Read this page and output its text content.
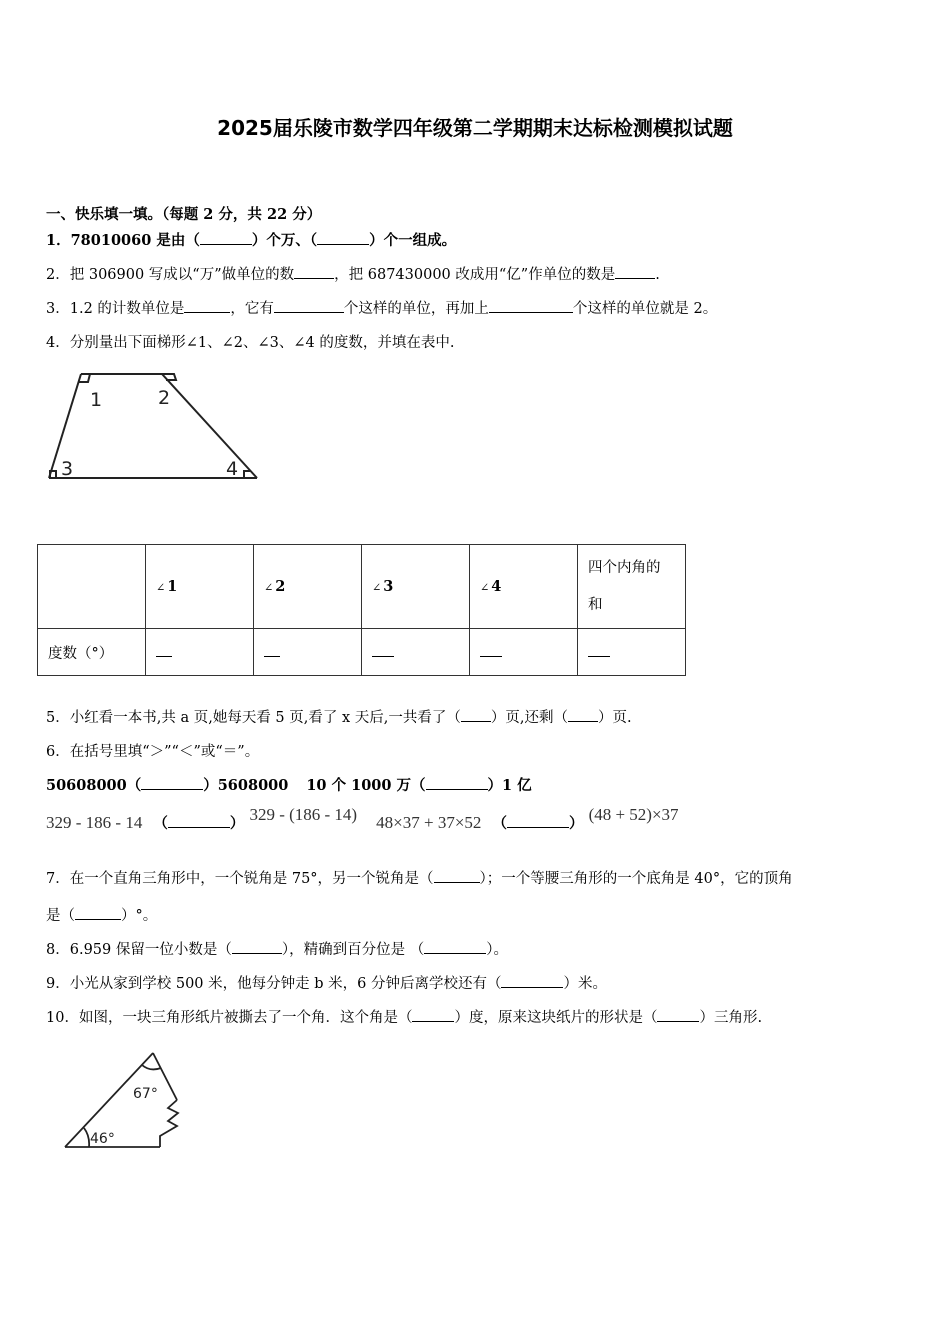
2025届乐陵市数学四年级第二学期期末达标检测模拟试题
一、快乐填一填。（每题 2 分，共 22 分）
1．78010060 是由（	）个万、（	）个一组成。
2．把 306900 写成以“万”做单位的数	，把 687430000 改成用“亿”作单位的数是	.
3．1.2 的计数单位是	，它有	个这样的单位，再加上	个这样的单位就是 2。
4．分别量出下面梯形∠1、∠2、∠3、∠4 的度数，并填在表中.
1	2
3	4
	∠ 1	∠ 2	∠ 3	∠ 4	四个内角的
和
度数（°）					
5．小红看一本书,共 a 页,她每天看 5 页,看了 x 天后,一共看了（ ）页,还剩（ ）页.
6．在括号里填“＞”“＜”或“＝”。
50608000（	）5608000 10 个 1000 万（	）1 亿
329 - 186 - 14 （	） 329 - (186 - 14) 48×37 + 37×52 （	） (48 + 52)×37
7．在一个直角三角形中，一个锐角是 75°，另一个锐角是（	）；一个等腰三角形的一个底角是 40°，它的顶角
是（	）°。
8．6.959 保留一位小数是（	），精确到百分位是 （	）。
9．小光从家到学校 500 米，他每分钟走 b 米，6 分钟后离学校还有（	）米。
10．如图，一块三角形纸片被撕去了一个角．这个角是（	）度，原来这块纸片的形状是（	）三角形.
67°
46°
